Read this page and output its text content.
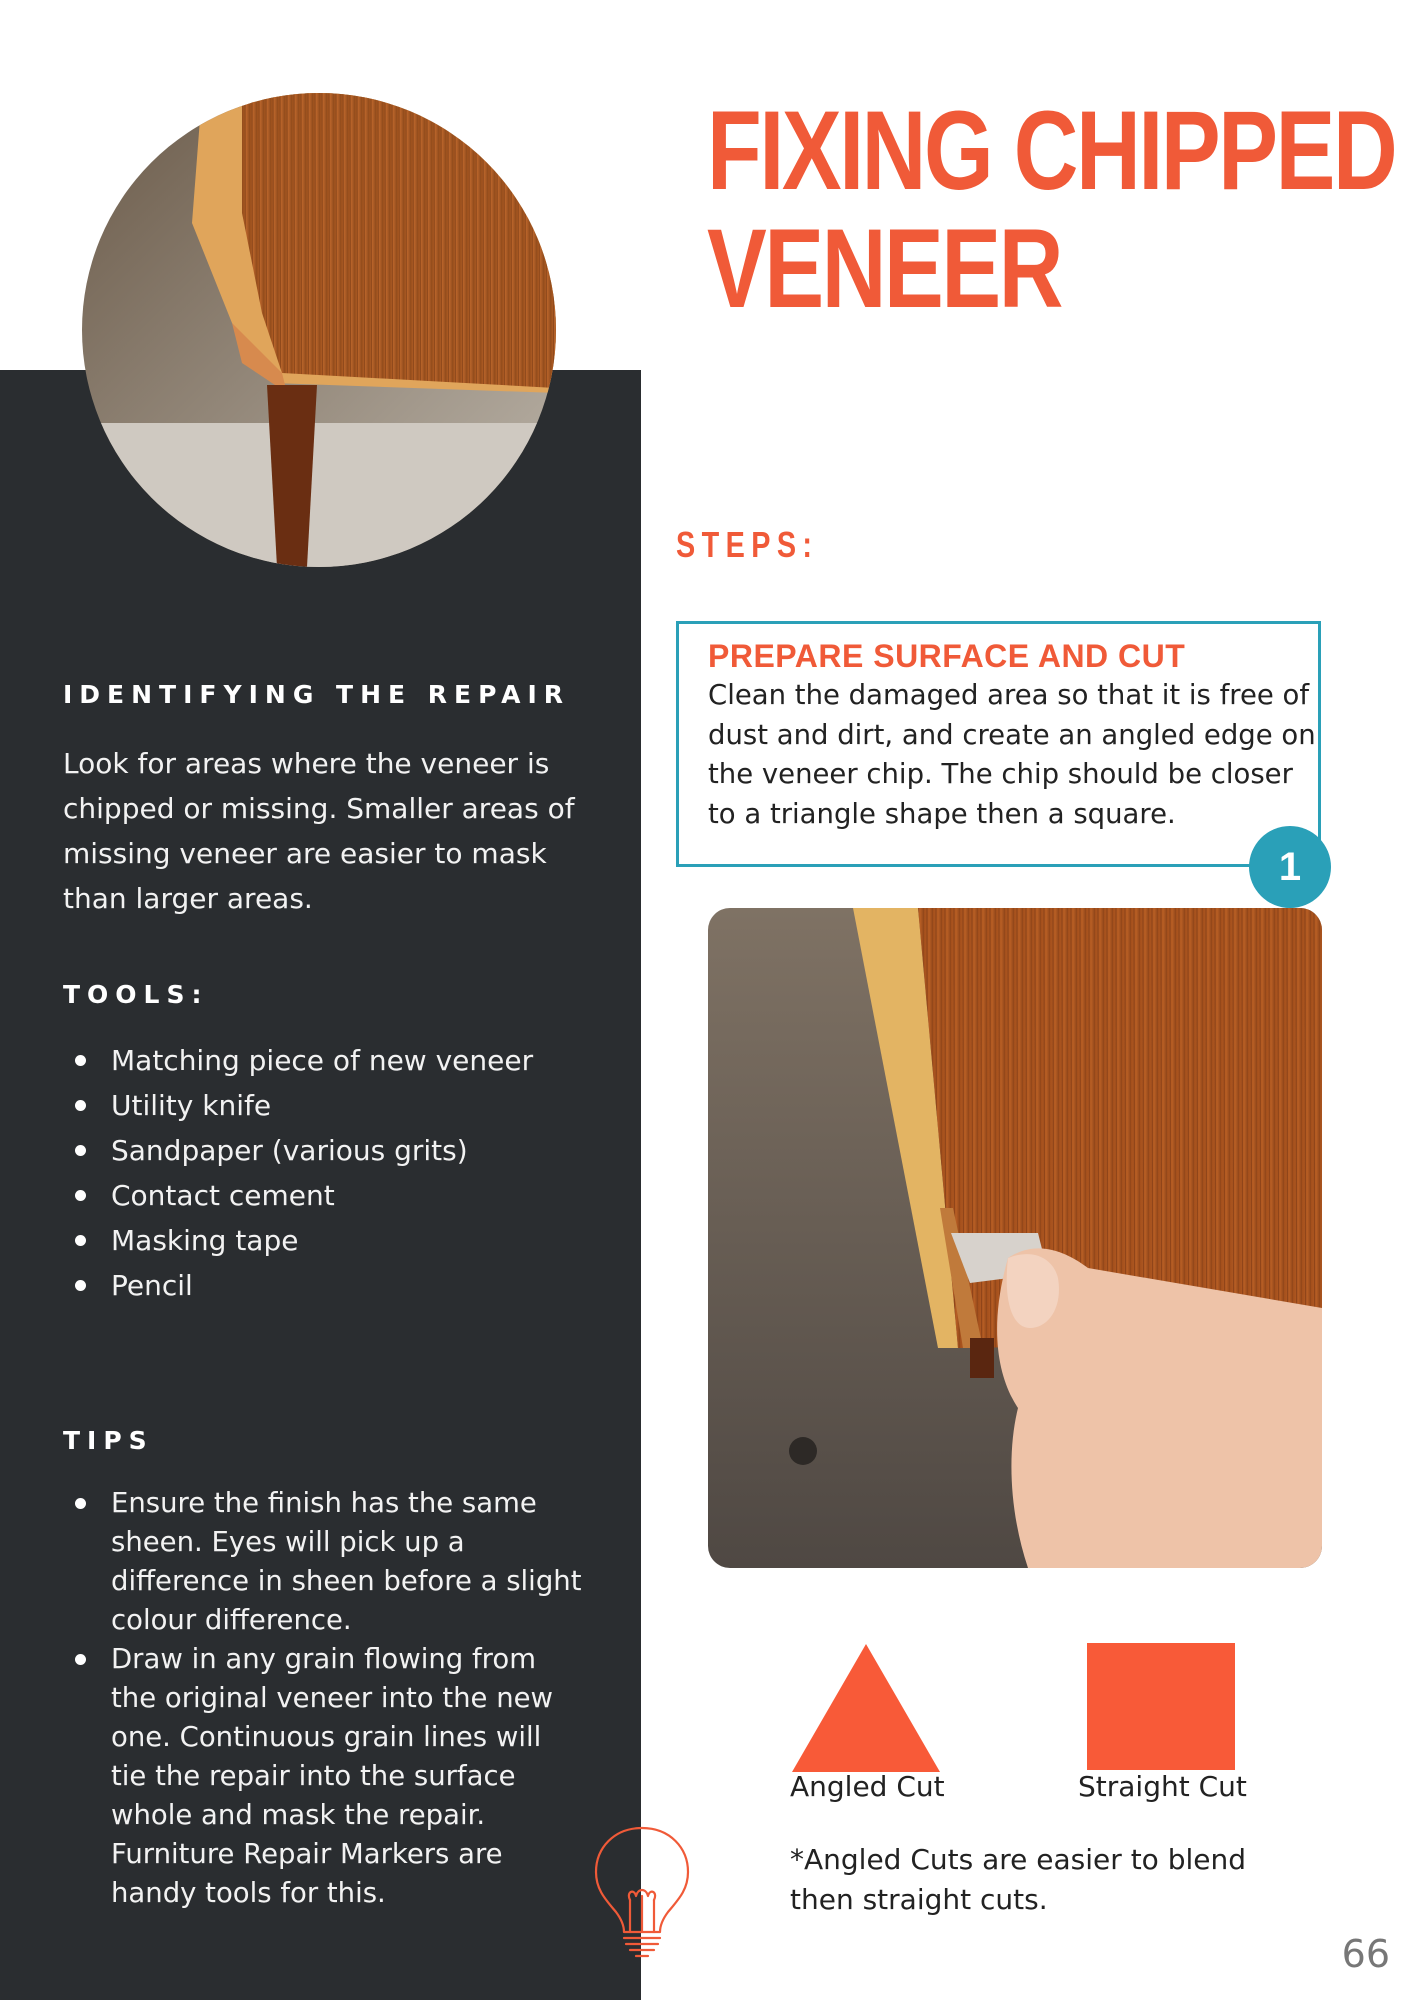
FIXING CHIPPED
VENEER
IDENTIFYING THE REPAIR
Look for areas where the veneer is
chipped or missing. Smaller areas of
missing veneer are easier to mask
than larger areas.
TOOLS:
Matching piece of new veneer
Utility knife
Sandpaper (various grits)
Contact cement
Masking tape
Pencil
TIPS
Ensure the finish has the same sheen. Eyes will pick up a difference in sheen before a slight colour difference.
Draw in any grain flowing from the original veneer into the new one. Continuous grain lines will tie the repair into the surface whole and mask the repair. Furniture Repair Markers are handy tools for this.
STEPS:
PREPARE SURFACE AND CUT

Clean the damaged area so that it is free of dust and dirt, and create an angled edge on the veneer chip. The chip should be closer to a triangle shape then a square.

1

Angled Cut	Straight Cut

*Angled Cuts are easier to blend then straight cuts.

66
